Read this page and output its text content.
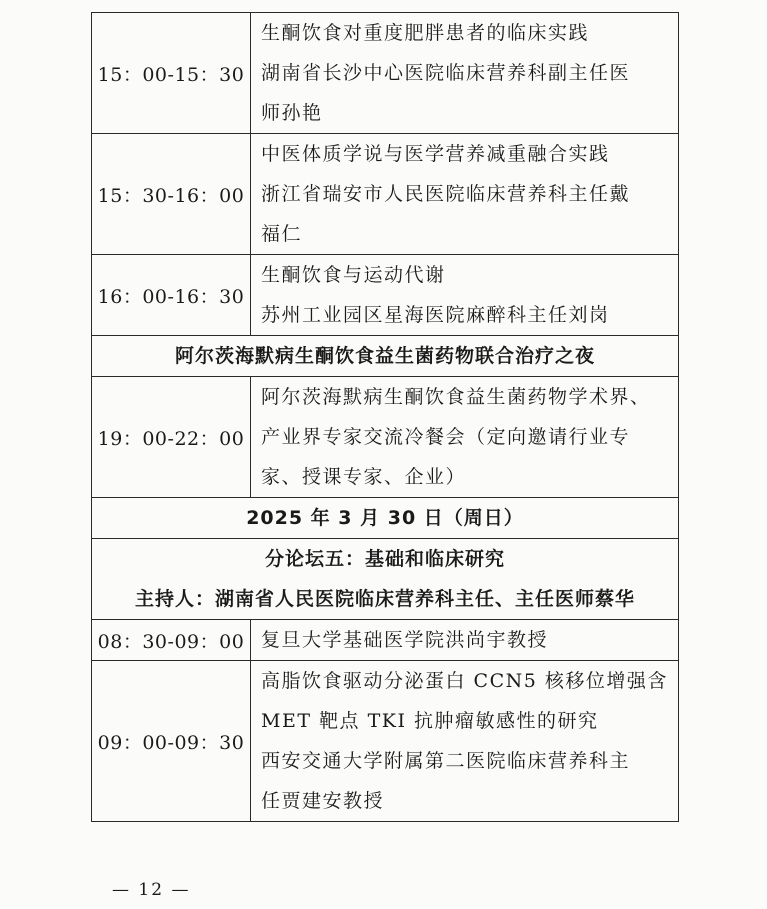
15：00-15：30	生酮饮食对重度肥胖患者的临床实践
湖南省长沙中心医院临床营养科副主任医
师孙艳

15：30-16：00	中医体质学说与医学营养减重融合实践
浙江省瑞安市人民医院临床营养科主任戴
福仁

16：00-16：30	生酮饮食与运动代谢
苏州工业园区星海医院麻醉科主任刘岗

阿尔茨海默病生酮饮食益生菌药物联合治疗之夜	

19：00-22：00	阿尔茨海默病生酮饮食益生菌药物学术界、
产业界专家交流冷餐会（定向邀请行业专
家、授课专家、企业）

2025 年 3 月 30 日（周日）	

分论坛五：基础和临床研究
主持人：湖南省人民医院临床营养科主任、主任医师蔡华	

08：30-09：00	复旦大学基础医学院洪尚宇教授

09：00-09：30	高脂饮食驱动分泌蛋白 CCN5 核移位增强含
MET 靶点 TKI 抗肿瘤敏感性的研究
西安交通大学附属第二医院临床营养科主
任贾建安教授
— 12 —
